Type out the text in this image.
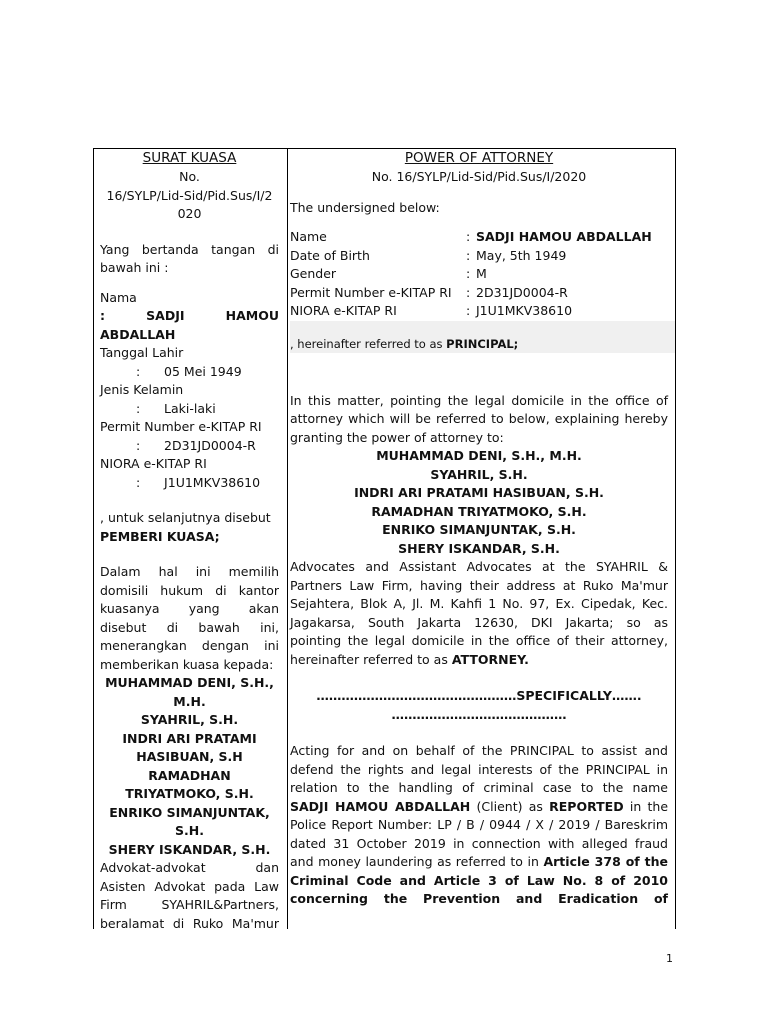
SURAT KUASA
No.
16/SYLP/Lid-Sid/Pid.Sus/I/2
020
Yang bertanda tangan di
bawah ini :
Nama
: SADJI HAMOU
ABDALLAH
Tanggal Lahir
:      05 Mei 1949
Jenis Kelamin
:      Laki-laki
Permit Number e-KITAP RI
:      2D31JD0004-R
NIORA e-KITAP RI
:      J1U1MKV38610
, untuk selanjutnya disebut
PEMBERI KUASA;
Dalam hal ini memilih
domisili hukum di kantor
kuasanya yang akan
disebut di bawah ini,
menerangkan dengan ini
memberikan kuasa kepada:
MUHAMMAD DENI, S.H.,
M.H.
SYAHRIL, S.H.
INDRI ARI PRATAMI
HASIBUAN, S.H
RAMADHAN
TRIYATMOKO, S.H.
ENRIKO SIMANJUNTAK,
S.H.
SHERY ISKANDAR, S.H.
Advokat-advokat dan
Asisten Advokat pada Law
Firm SYAHRIL&Partners,
beralamat di Ruko Ma'mur
POWER OF ATTORNEY
No. 16/SYLP/Lid-Sid/Pid.Sus/I/2020
The undersigned below:
Name	: SADJI HAMOU ABDALLAH
Date of Birth	: May, 5th 1949
Gender	: M
Permit Number e-KITAP RI	: 2D31JD0004-R
NIORA e-KITAP RI	: J1U1MKV38610
, hereinafter referred to as PRINCIPAL;
In this matter, pointing the legal domicile in the office of
attorney which will be referred to below, explaining hereby
granting the power of attorney to:
MUHAMMAD DENI, S.H., M.H.
SYAHRIL, S.H.
INDRI ARI PRATAMI HASIBUAN, S.H.
RAMADHAN TRIYATMOKO, S.H.
ENRIKO SIMANJUNTAK, S.H.
SHERY ISKANDAR, S.H.
Advocates and Assistant Advocates at the SYAHRIL &
Partners Law Firm, having their address at Ruko Ma'mur
Sejahtera, Blok A, Jl. M. Kahfi 1 No. 97, Ex. Cipedak, Kec.
Jagakarsa, South Jakarta 12630, DKI Jakarta; so as
pointing the legal domicile in the office of their attorney,
hereinafter referred to as ATTORNEY.
…………………………………………SPECIFICALLY…….
……………………………………
Acting for and on behalf of the PRINCIPAL to assist and
defend the rights and legal interests of the PRINCIPAL in
relation to the handling of criminal case to the name
SADJI HAMOU ABDALLAH (Client) as REPORTED in the
Police Report Number: LP / B / 0944 / X / 2019 / Bareskrim
dated 31 October 2019 in connection with alleged fraud
and money laundering as referred to in Article 378 of the
Criminal Code and Article 3 of Law No. 8 of 2010
concerning the Prevention and Eradication of
1
